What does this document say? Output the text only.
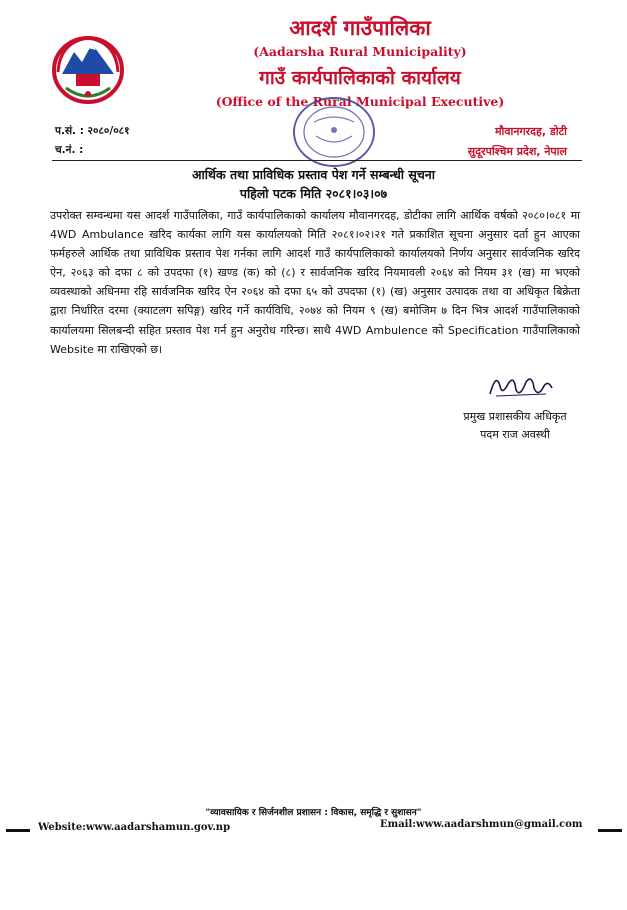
आदर्श गाउँपालिका
(Aadarsha Rural Municipality)
गाउँ कार्यपालिकाको कार्यालय
(Office of the Rural Municipal Executive)
प.सं. : २०८०/०८१
च.नं. :
मौवानगरदह, डोटी
सुदूरपश्चिम प्रदेश, नेपाल
आर्थिक तथा प्राविधिक प्रस्ताव पेश गर्ने सम्बन्धी सूचना
पहिलो पटक मिति २०८१।०३।०७
उपरोक्त सम्वन्धमा यस आदर्श गाउँपालिका, गाउँ कार्यपालिकाको कार्यालय मौवानगरदह, डोटीका लागि आर्थिक वर्षको २०८०।०८१ मा 4WD Ambulance खरिद कार्यका लागि यस कार्यालयको मिति २०८१।०२।२१ गते प्रकाशित सूचना अनुसार दर्ता हुन आएका फर्महरुले आर्थिक तथा प्राविधिक प्रस्ताव पेश गर्नका लागि आदर्श गाउँ कार्यपालिकाको कार्यालयको निर्णय अनुसार सार्वजनिक खरिद ऐन, २०६३ को दफा ८ को उपदफा (१) खण्ड (क) को (८) र सार्वजनिक खरिद नियमावली २०६४ को नियम ३१ (ख) मा भएको व्यवस्थाको अधिनमा रहि सार्वजनिक खरिद ऐन २०६४ को दफा ६५ को उपदफा (१) (ख) अनुसार उत्पादक तथा वा अधिकृत बिक्रेता द्वारा निर्धारित दरमा (क्याटलग सपिङ्ग) खरिद गर्ने कार्यविधि, २०७४ को नियम ९ (ख) बमोजिम ७ दिन भित्र आदर्श गाउँपालिकाको कार्यालयमा सिलबन्दी सहित प्रस्ताव पेश गर्न हुन अनुरोध गरिन्छ। साथै 4WD Ambulence को Specification गाउँपालिकाको Website मा राखिएको छ।
प्रमुख प्रशासकीय अधिकृत
पदम राज अवस्थी
"व्यावसायिक र सिर्जनशील प्रशासन : विकास, समृद्धि र सुशासन"
Website:www.aadarshamun.gov.np	Email:www.aadarshmun@gmail.com
